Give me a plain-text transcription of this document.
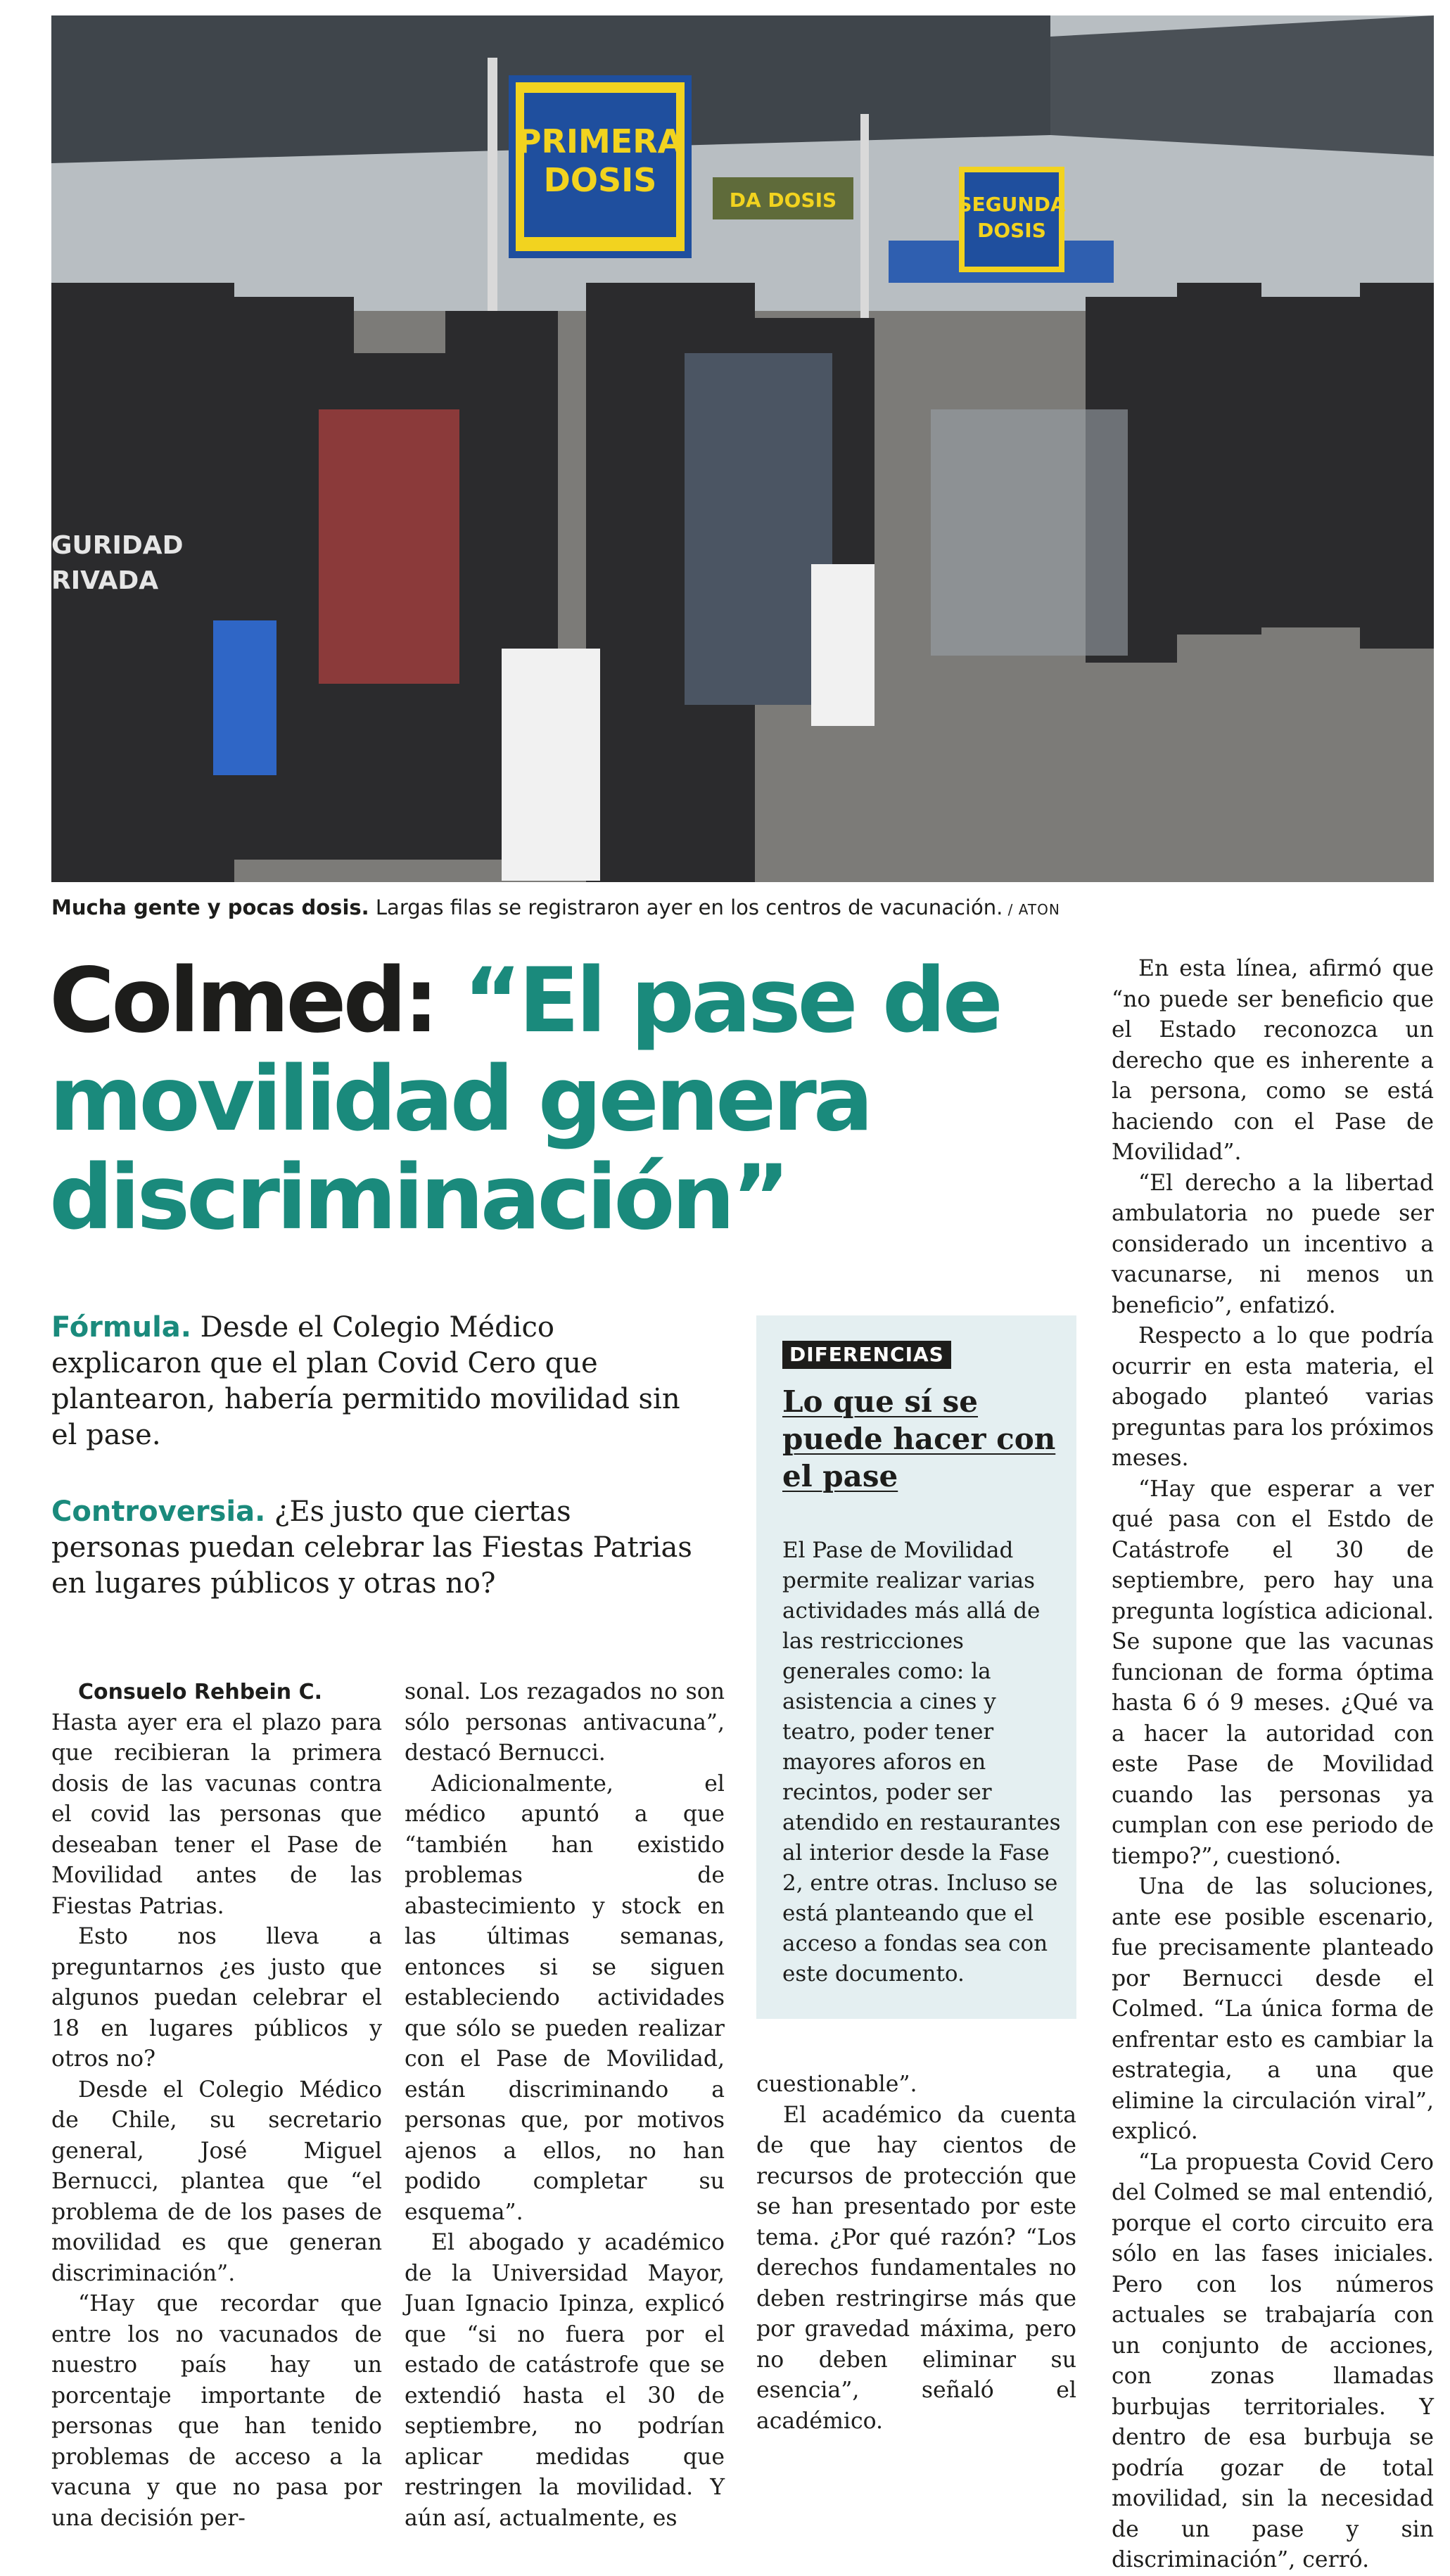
PRIMERA
DOSIS
SEGUNDA
DOSIS
DA DOSIS
GURIDAD
RIVADA
Mucha gente y pocas dosis. Largas filas se registraron ayer en los centros de vacunación. / ATON
Colmed: “El pase de movilidad genera discriminación”

Fórmula. Desde el Colegio Médico explicaron que el plan Covid Cero que plantearon, habería permitido movilidad sin el pase.

Controversia. ¿Es justo que ciertas personas puedan celebrar las Fiestas Patrias en lugares públicos y otras no?

DIFERENCIAS
Lo que sí se puede hacer con el pase

El Pase de Movilidad permite realizar varias actividades más allá de las restricciones generales como: la asistencia a cines y teatro, poder tener mayores aforos en recintos, poder ser atendido en restaurantes al interior desde la Fase 2, entre otras. Incluso se está planteando que el acceso a fondas sea con este documento.

Consuelo Rehbein C.

Hasta ayer era el plazo para que recibieran la primera dosis de las vacunas contra el covid las personas que deseaban tener el Pase de Movilidad antes de las Fiestas Patrias.

Esto nos lleva a preguntarnos ¿es justo que algunos puedan celebrar el 18 en lugares públicos y otros no?

Desde el Colegio Médico de Chile, su secretario general, José Miguel Bernucci, plantea que “el problema de de los pases de movilidad es que generan discriminación”.

“Hay que recordar que entre los no vacunados de nuestro país hay un porcentaje importante de personas que han tenido problemas de acceso a la vacuna y que no pasa por una decisión per-

sonal. Los rezagados no son sólo personas antivacuna”, destacó Bernucci.

Adicionalmente, el médico apuntó a que “también han existido problemas de abastecimiento y stock en las últimas semanas, entonces si se siguen estableciendo actividades que sólo se pueden realizar con el Pase de Movilidad, están discriminando a personas que, por motivos ajenos a ellos, no han podido completar su esquema”.

El abogado y académico de la Universidad Mayor, Juan Ignacio Ipinza, explicó que “si no fuera por el estado de catástrofe que se extendió hasta el 30 de septiembre, no podrían aplicar medidas que restringen la movilidad. Y aún así, actualmente, es

cuestionable”.

El académico da cuenta de que hay cientos de recursos de protección que se han presentado por este tema. ¿Por qué razón? “Los derechos fundamentales no deben restringirse más que por gravedad máxima, pero no deben eliminar su esencia”, señaló el académico.

En esta línea, afirmó que “no puede ser beneficio que el Estado reconozca un derecho que es inherente a la persona, como se está haciendo con el Pase de Movilidad”.

“El derecho a la libertad ambulatoria no puede ser considerado un incentivo a vacunarse, ni menos un beneficio”, enfatizó.

Respecto a lo que podría ocurrir en esta materia, el abogado planteó varias preguntas para los próximos meses.

“Hay que esperar a ver qué pasa con el Estdo de Catástrofe el 30 de septiembre, pero hay una pregunta logística adicional. Se supone que las vacunas funcionan de forma óptima hasta 6 ó 9 meses. ¿Qué va a hacer la autoridad con este Pase de Movilidad cuando las personas ya cumplan con ese periodo de tiempo?”, cuestionó.

Una de las soluciones, ante ese posible escenario, fue precisamente planteado por Bernucci desde el Colmed. “La única forma de enfrentar esto es cambiar la estrategia, a una que elimine la circulación viral”, explicó.

“La propuesta Covid Cero del Colmed se mal entendió, porque el corto circuito era sólo en las fases iniciales. Pero con los números actuales se trabajaría con un conjunto de acciones, con zonas llamadas burbujas territoriales. Y dentro de esa burbuja se podría gozar de total movilidad, sin la necesidad de un pase y sin discriminación”, cerró.
